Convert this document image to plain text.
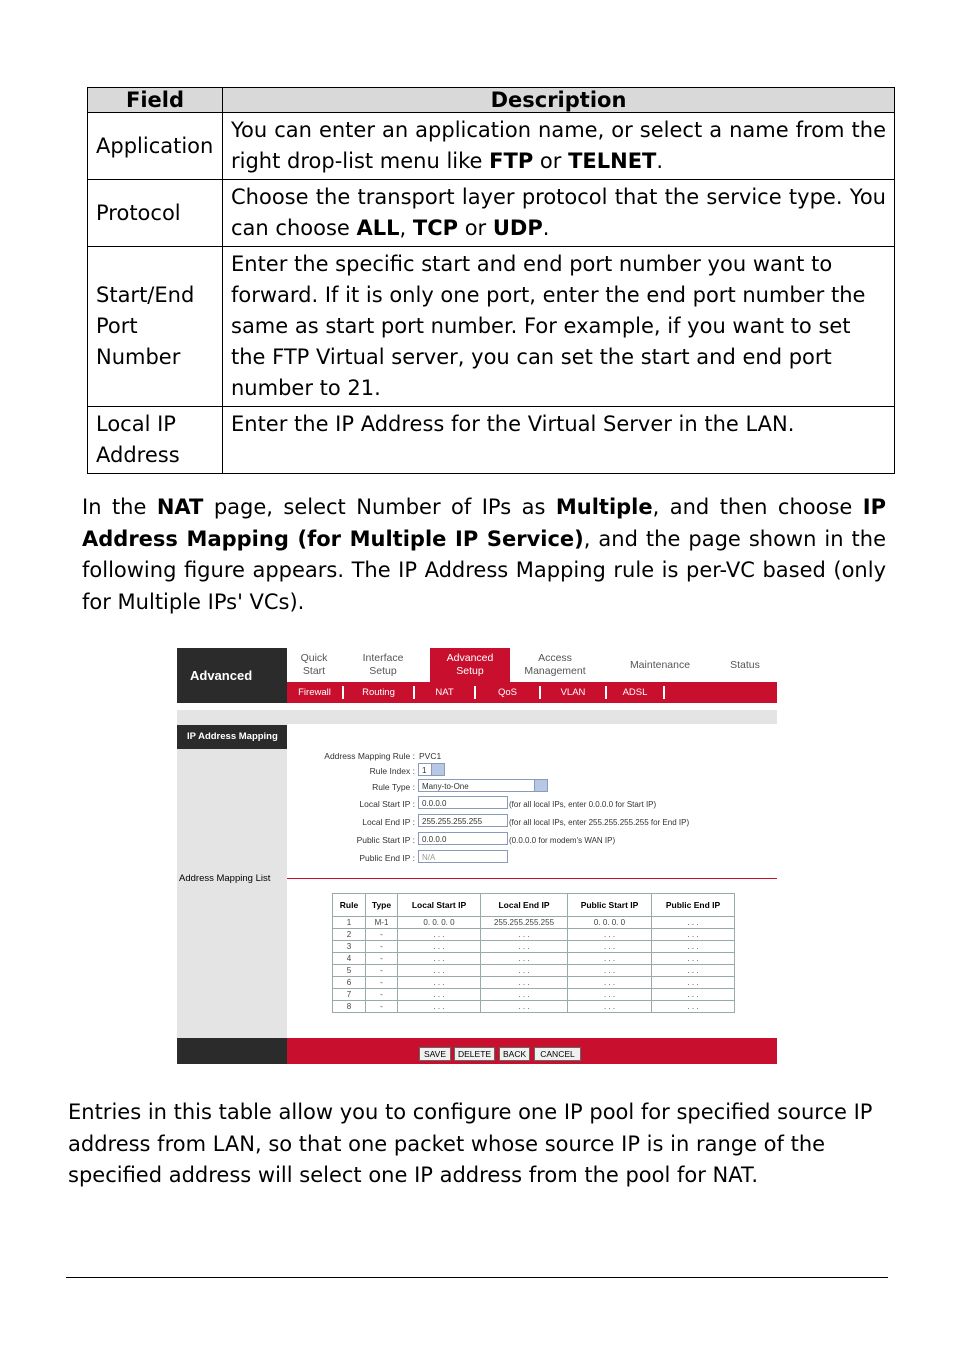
Field	Description
Application	You can enter an application name, or select a name from the right drop-list menu like FTP or TELNET.
Protocol	Choose the transport layer protocol that the service type. You can choose ALL, TCP or UDP.
Start/End Port Number	Enter the specific start and end port number you want to forward. If it is only one port, enter the end port number the same as start port number. For example, if you want to set the FTP Virtual server, you can set the start and end port number to 21.
Local IP Address	Enter the IP Address for the Virtual Server in the LAN.

In the NAT page, select Number of IPs as Multiple, and then choose IP Address Mapping (for Multiple IP Service), and the page shown in the following figure appears. The IP Address Mapping rule is per-VC based (only for Multiple IPs' VCs).

Advanced
Quick
Start
Interface
Setup
Advanced
Setup
Access
Management	Maintenance	Status
Firewall	Routing	NAT	QoS	VLAN	ADSL
IP Address Mapping
Address Mapping List
Address Mapping Rule : PVC1
Rule Index : 1
Rule Type : Many-to-One
Local Start IP : 0.0.0.0	(for all local IPs, enter 0.0.0.0 for Start IP)
Local End IP : 255.255.255.255	(for all local IPs, enter 255.255.255.255 for End IP)
Public Start IP : 0.0.0.0	(0.0.0.0 for modem's WAN IP)
Public End IP : N/A
Rule	Type	Local Start IP	Local End IP	Public Start IP	Public End IP
1	M-1	0. 0. 0. 0	255.255.255.255	0. 0. 0. 0	. . .
2	-	. . .	. . .	. . .	. . .
3	-	. . .	. . .	. . .	. . .
4	-	. . .	. . .	. . .	. . .
5	-	. . .	. . .	. . .	. . .
6	-	. . .	. . .	. . .	. . .
7	-	. . .	. . .	. . .	. . .
8	-	. . .	. . .	. . .	. . .
SAVE	DELETE	BACK	CANCEL

Entries in this table allow you to configure one IP pool for specified source IP address from LAN, so that one packet whose source IP is in range of the specified address will select one IP address from the pool for NAT.
